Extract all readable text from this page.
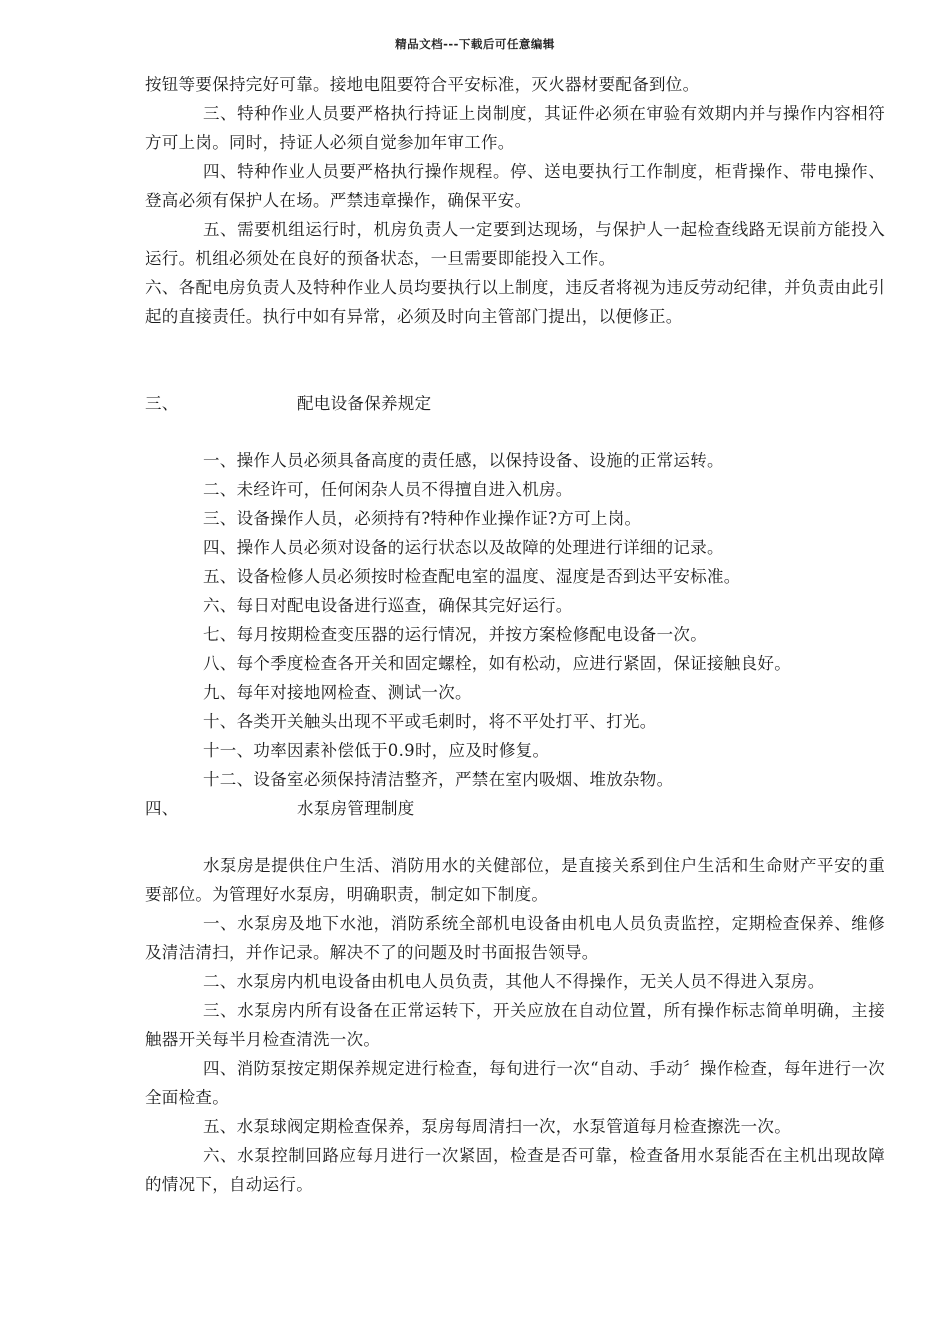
精品文档---下载后可任意编辑

按钮等要保持完好可靠。接地电阻要符合平安标准，灭火器材要配备到位。

三、特种作业人员要严格执行持证上岗制度，其证件必须在审验有效期内并与操作内容相符方可上岗。同时，持证人必须自觉参加年审工作。

四、特种作业人员要严格执行操作规程。停、送电要执行工作制度，柜背操作、带电操作、登高必须有保护人在场。严禁违章操作，确保平安。

五、需要机组运行时，机房负责人一定要到达现场，与保护人一起检查线路无误前方能投入运行。机组必须处在良好的预备状态，一旦需要即能投入工作。

六、各配电房负责人及特种作业人员均要执行以上制度，违反者将视为违反劳动纪律，并负责由此引起的直接责任。执行中如有异常，必须及时向主管部门提出，以便修正。

三、	配电设备保养规定

一、操作人员必须具备高度的责任感，以保持设备、设施的正常运转。

二、未经许可，任何闲杂人员不得擅自进入机房。

三、设备操作人员，必须持有?特种作业操作证?方可上岗。

四、操作人员必须对设备的运行状态以及故障的处理进行详细的记录。

五、设备检修人员必须按时检查配电室的温度、湿度是否到达平安标准。

六、每日对配电设备进行巡查，确保其完好运行。

七、每月按期检查变压器的运行情况，并按方案检修配电设备一次。

八、每个季度检查各开关和固定螺栓，如有松动，应进行紧固，保证接触良好。

九、每年对接地网检查、测试一次。

十、各类开关触头出现不平或毛刺时，将不平处打平、打光。

十一、功率因素补偿低于0.9时，应及时修复。

十二、设备室必须保持清洁整齐，严禁在室内吸烟、堆放杂物。

四、	水泵房管理制度

水泵房是提供住户生活、消防用水的关健部位，是直接关系到住户生活和生命财产平安的重要部位。为管理好水泵房，明确职责，制定如下制度。

一、水泵房及地下水池，消防系统全部机电设备由机电人员负责监控，定期检查保养、维修及清洁清扫，并作记录。解决不了的问题及时书面报告领导。

二、水泵房内机电设备由机电人员负责，其他人不得操作，无关人员不得进入泵房。

三、水泵房内所有设备在正常运转下，开关应放在自动位置，所有操作标志简单明确，主接触器开关每半月检查清洗一次。

四、消防泵按定期保养规定进行检查，每旬进行一次“自动、手动〞操作检查，每年进行一次全面检查。

五、水泵球阀定期检查保养，泵房每周清扫一次，水泵管道每月检查擦洗一次。

六、水泵控制回路应每月进行一次紧固，检查是否可靠，检查备用水泵能否在主机出现故障的情况下，自动运行。
